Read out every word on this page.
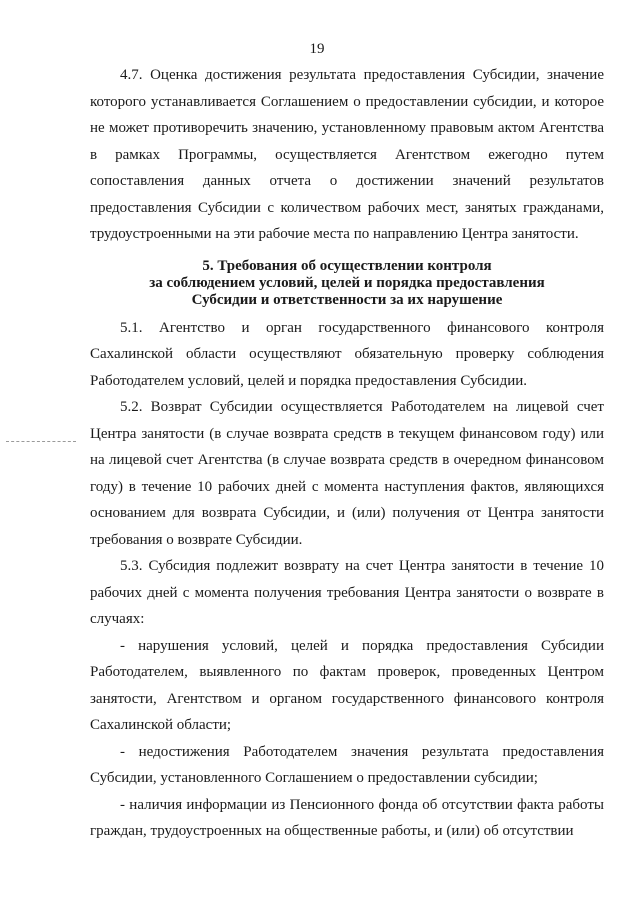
19

4.7. Оценка достижения результата предоставления Субсидии, значение которого устанавливается Соглашением о предоставлении субсидии, и которое не может противоречить значению, установленному правовым актом Агентства в рамках Программы, осуществляется Агентством ежегодно путем сопоставления данных отчета о достижении значений результатов предоставления Субсидии с количеством рабочих мест, занятых гражданами, трудоустроенными на эти рабочие места по направлению Центра занятости.

5. Требования об осуществлении контроля
за соблюдением условий, целей и порядка предоставления
Субсидии и ответственности за их нарушение

5.1. Агентство и орган государственного финансового контроля Сахалинской области осуществляют обязательную проверку соблюдения Работодателем условий, целей и порядка предоставления Субсидии.

5.2. Возврат Субсидии осуществляется Работодателем на лицевой счет Центра занятости (в случае возврата средств в текущем финансовом году) или на лицевой счет Агентства (в случае возврата средств в очередном финансовом году) в течение 10 рабочих дней с момента наступления фактов, являющихся основанием для возврата Субсидии, и (или) получения от Центра занятости требования о возврате Субсидии.

5.3. Субсидия подлежит возврату на счет Центра занятости в течение 10 рабочих дней с момента получения требования Центра занятости о возврате в случаях:

- нарушения условий, целей и порядка предоставления Субсидии Работодателем, выявленного по фактам проверок, проведенных Центром занятости, Агентством и органом государственного финансового контроля Сахалинской области;

- недостижения Работодателем значения результата предоставления Субсидии, установленного Соглашением о предоставлении субсидии;

- наличия информации из Пенсионного фонда об отсутствии факта работы граждан, трудоустроенных на общественные работы, и (или) об отсутствии
